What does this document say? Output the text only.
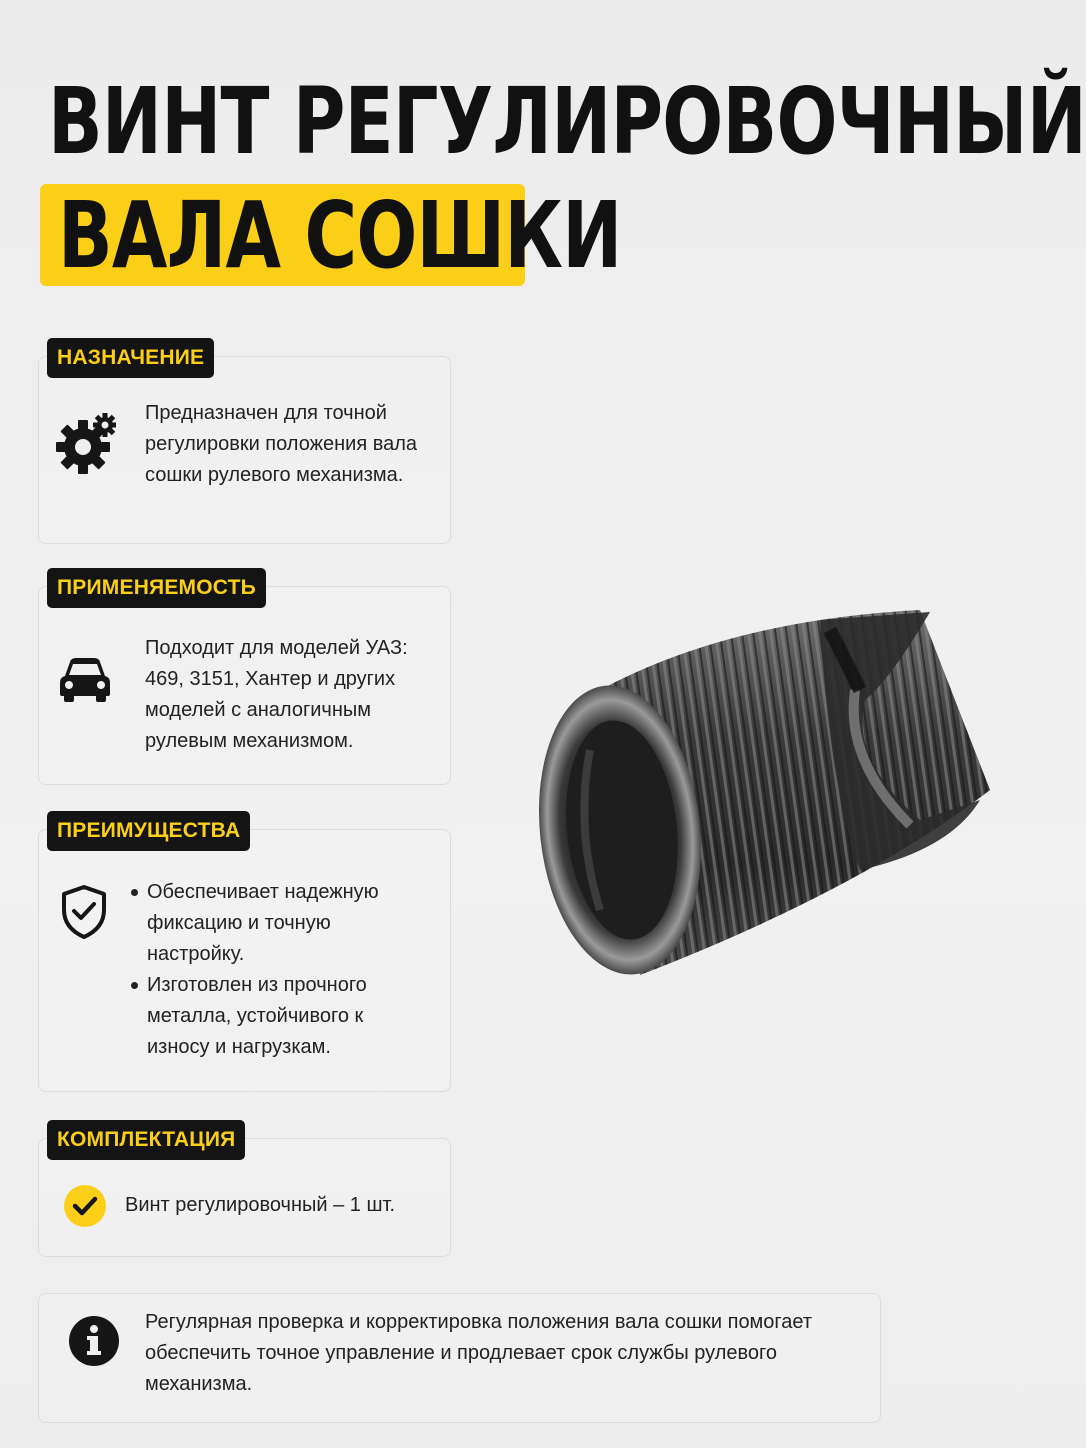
ВИНТ РЕГУЛИРОВОЧНЫЙ
ВАЛА СОШКИ
НАЗНАЧЕНИЕ
Предназначен для точной регулировки положения вала сошки рулевого механизма.
ПРИМЕНЯЕМОСТЬ
Подходит для моделей УАЗ: 469, 3151, Хантер и других моделей с аналогичным рулевым механизмом.
ПРЕИМУЩЕСТВА
Обеспечивает надежную фиксацию и точную настройку.
Изготовлен из прочного металла, устойчивого к износу и нагрузкам.
КОМПЛЕКТАЦИЯ
Винт регулировочный – 1 шт.
Регулярная проверка и корректировка положения вала сошки помогает обеспечить точное управление и продлевает срок службы рулевого механизма.
